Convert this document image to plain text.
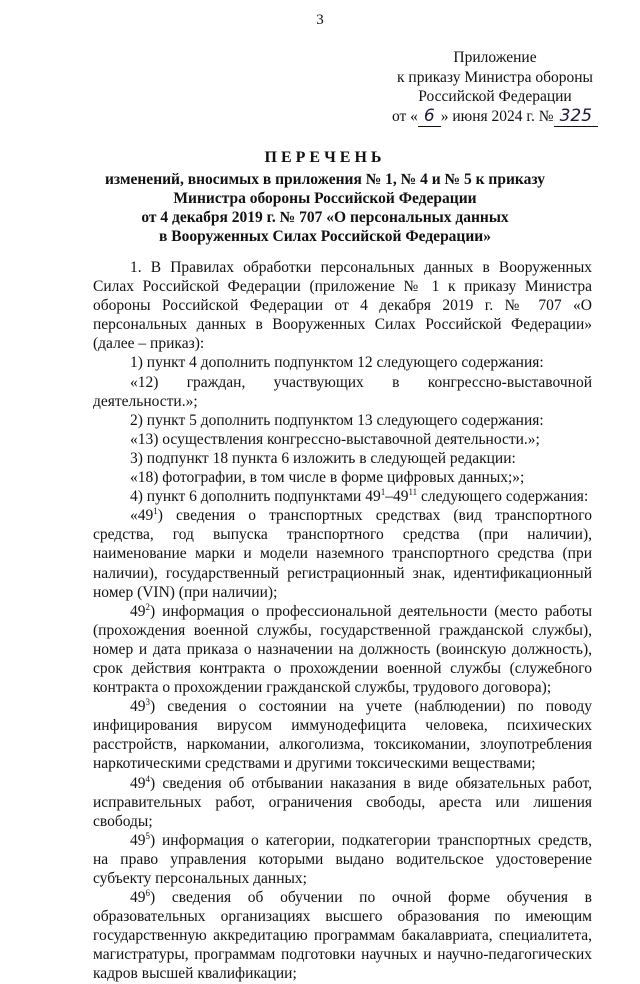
3
Приложение
к приказу Министра обороны
Российской Федерации
от « 6 » июня 2024 г. № 325
ПЕРЕЧЕНЬ
изменений, вносимых в приложения № 1, № 4 и № 5 к приказу
Министра обороны Российской Федерации
от 4 декабря 2019 г. № 707 «О персональных данных
в Вооруженных Силах Российской Федерации»

1. В Правилах обработки персональных данных в Вооруженных Силах Российской Федерации (приложение № 1 к приказу Министра обороны Российской Федерации от 4 декабря 2019 г. № 707 «О персональных данных в Вооруженных Силах Российской Федерации» (далее – приказ):

1) пункт 4 дополнить подпунктом 12 следующего содержания:

«12) граждан, участвующих в конгрессно-выставочной деятельности.»;

2) пункт 5 дополнить подпунктом 13 следующего содержания:

«13) осуществления конгрессно-выставочной деятельности.»;

3) подпункт 18 пункта 6 изложить в следующей редакции:

«18) фотографии, в том числе в форме цифровых данных;»;

4) пункт 6 дополнить подпунктами $49^1-49^{11}$ следующего содержания:

«$49^1$) сведения о транспортных средствах (вид транспортного средства, год выпуска транспортного средства (при наличии), наименование марки и модели наземного транспортного средства (при наличии), государственный регистрационный знак, идентификационный номер (VIN) (при наличии);

$49^2$) информация о профессиональной деятельности (место работы (прохождения военной службы, государственной гражданской службы), номер и дата приказа о назначении на должность (воинскую должность), срок действия контракта о прохождении военной службы (служебного контракта о прохождении гражданской службы, трудового договора);

$49^3$) сведения о состоянии на учете (наблюдении) по поводу инфицирования вирусом иммунодефицита человека, психических расстройств, наркомании, алкоголизма, токсикомании, злоупотребления наркотическими средствами и другими токсическими веществами;

$49^4$) сведения об отбывании наказания в виде обязательных работ, исправительных работ, ограничения свободы, ареста или лишения свободы;

$49^5$) информация о категории, подкатегории транспортных средств, на право управления которыми выдано водительское удостоверение субъекту персональных данных;

$49^6$) сведения об обучении по очной форме обучения в образовательных организациях высшего образования по имеющим государственную аккредитацию программам бакалавриата, специалитета, магистратуры, программам подготовки научных и научно-педагогических кадров высшей квалификации;
